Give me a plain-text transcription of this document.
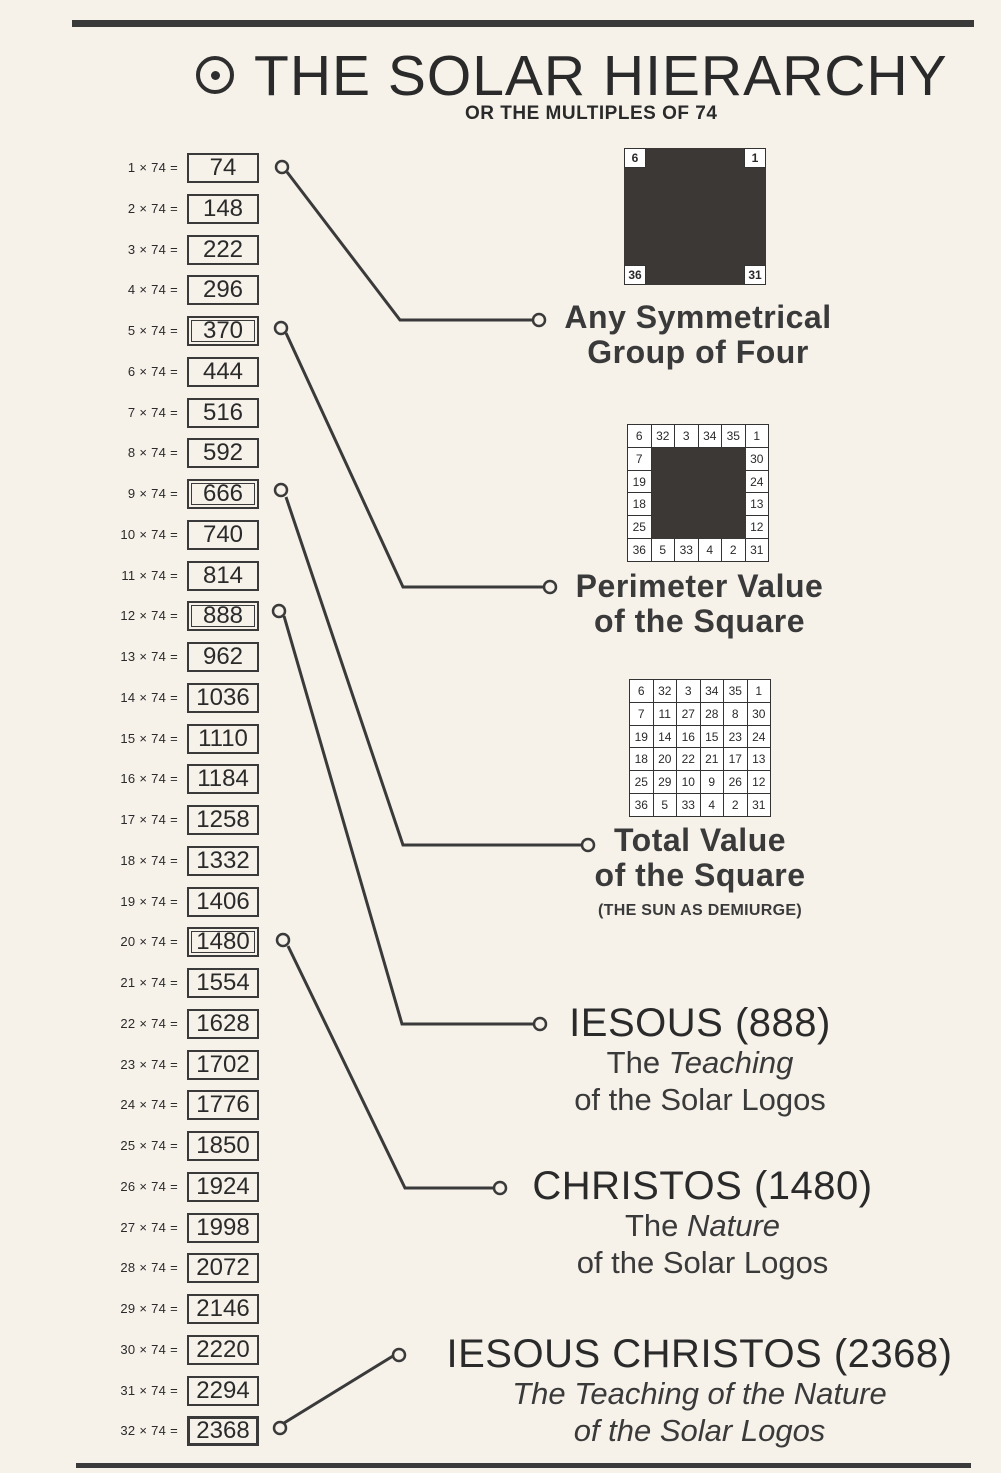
THE SOLAR HIERARCHY
OR THE MULTIPLES OF 74
1 × 74 =	74
2 × 74 =	148
3 × 74 =	222
4 × 74 =	296
5 × 74 =	370
6 × 74 =	444
7 × 74 =	516
8 × 74 =	592
9 × 74 =	666
10 × 74 =	740
11 × 74 =	814
12 × 74 =	888
13 × 74 =	962
14 × 74 = 1036
15 × 74 = 1110
16 × 74 = 1184
17 × 74 = 1258
18 × 74 = 1332
19 × 74 = 1406
20 × 74 = 1480
21 × 74 = 1554
22 × 74 = 1628
23 × 74 = 1702
24 × 74 = 1776
25 × 74 = 1850
26 × 74 = 1924
27 × 74 = 1998
28 × 74 = 2072
29 × 74 = 2146
30 × 74 = 2220
31 × 74 = 2294
32 × 74 = 2368
6	1
36	31
6	32	3	34	35	1
7					30
19					24
18					13
25					12
36	5	33	4	2	31
6	32	3	34	35	1
7	11	27	28	8	30
19	14	16	15	23	24
18	20	22	21	17	13
25	29	10	9	26	12
36	5	33	4	2	31
Any Symmetrical
Group of Four
Perimeter Value
of the Square
Total Value
of the Square
(THE SUN AS DEMIURGE)
IESOUS (888)
The Teaching
of the Solar Logos
CHRISTOS (1480)
The Nature
of the Solar Logos
IESOUS CHRISTOS (2368)
The Teaching of the Nature
of the Solar Logos
